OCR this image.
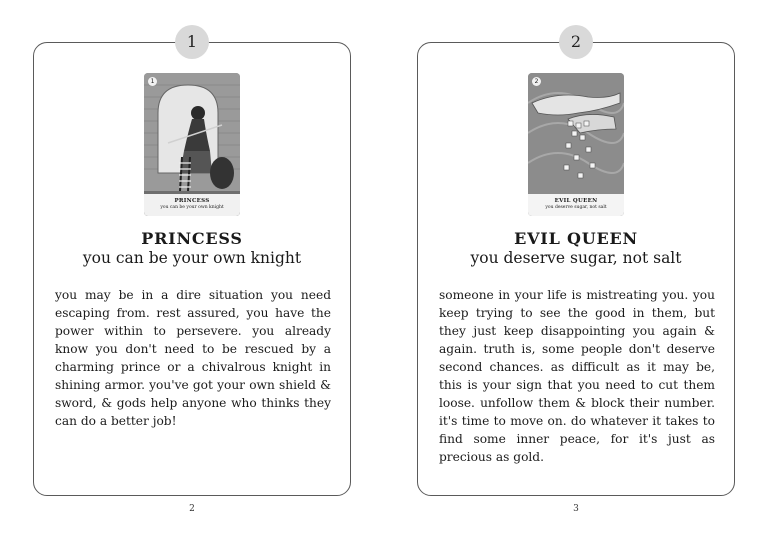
1
PRINCESS
you can be your own knight
PRINCESS
you can be your own knight
you may be in a dire situation you need escaping from. rest assured, you have the power within to persevere. you already know you don't need to be rescued by a charming prince or a chivalrous knight in shining armor. you've got your own shield & sword, & gods help anyone who thinks they can do a better job!
1
2
2
EVIL QUEEN
you deserve sugar, not salt
EVIL QUEEN
you deserve sugar, not salt
someone in your life is mistreating you. you keep trying to see the good in them, but they just keep disappointing you again & again. truth is, some people don't deserve second chances. as difficult as it may be, this is your sign that you need to cut them loose. unfollow them & block their number. it's time to move on. do whatever it takes to find some inner peace, for it's just as precious as gold.
2
3
